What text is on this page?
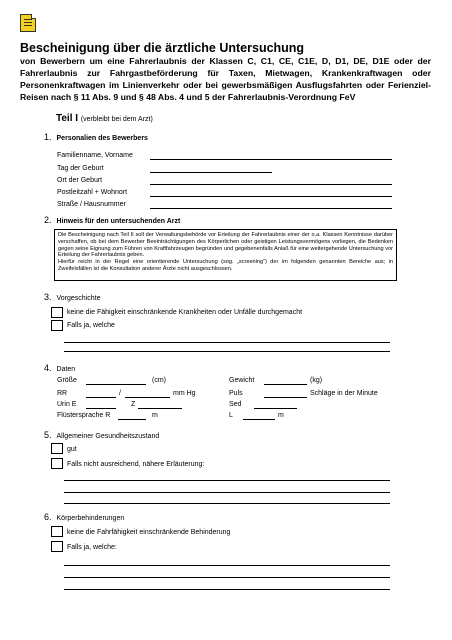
Bescheinigung über die ärztliche Untersuchung
von Bewerbern um eine Fahrerlaubnis der Klassen C, C1, CE, C1E, D, D1, DE, D1E oder der Fahrerlaubnis zur Fahrgastbeförderung für Taxen, Mietwagen, Krankenkraftwagen oder Personenkraftwagen im Linienverkehr oder bei gewerbsmäßigen Ausflugsfahrten oder Ferienziel-Reisen nach § 11 Abs. 9 und § 48 Abs. 4 und 5 der Fahrerlaubnis-Verordnung FeV
Teil I (verbleibt bei dem Arzt)
1. Personalien des Bewerbers
Familienname, Vorname
Tag der Geburt
Ort der Geburt
Postleitzahl + Wohnort
Straße / Hausnummer
2. Hinweis für den untersuchenden Arzt

Die Bescheinigung nach Teil II soll der Verwaltungsbehörde vor Erteilung der Fahrerlaubnis einer der o.a. Klassen Kenntnisse darüber verschaffen, ob bei dem Bewerber Beeinträchtigungen des Körperlichen oder geistigen Leistungsvermögens vorliegen, die Bedenken gegen seine Eignung zum Führen von Kraftfahrzeugen begründen und gegebenenfalls Anlaß für eine weitergehende Untersuchung vor Erteilung der Fahrerlaubnis geben.

Hierfür reicht in der Regel eine orientierende Untersuchung (sog. „screening“) der im folgenden genannten Bereiche aus; in Zweifelsfällen ist die Konsultation anderer Ärzte nicht ausgeschlossen.

3. Vorgeschichte
keine die Fähigkeit einschränkende Krankheiten oder Unfälle durchgemacht
Falls ja, welche
4. Daten
Größe	(cm)	Gewicht	(kg)
RR	/	mm Hg	Puls	Schläge in der Minute
Urin E	Z	Sed
Flüstersprache R	m	L	m
5. Allgemeiner Gesundheitszustand
gut
Falls nicht ausreichend, nähere Erläuterung:
6. Körperbehinderungen
keine die Fahrfähigkeit einschränkende Behinderung
Falls ja, welche:
